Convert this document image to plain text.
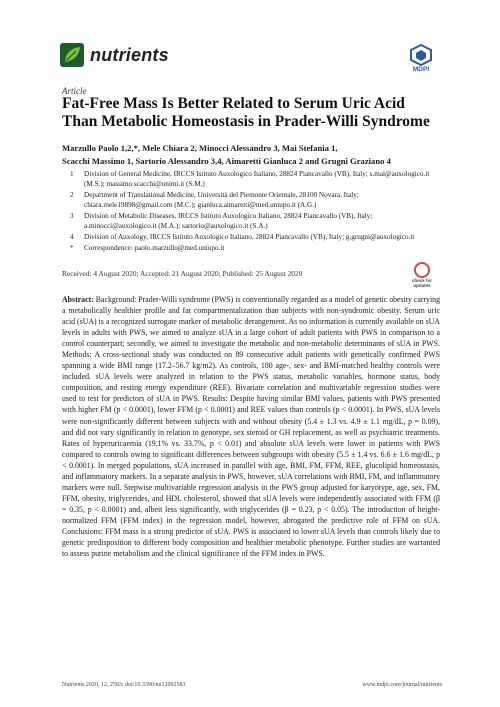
nutrients
MDPI
Article
Fat-Free Mass Is Better Related to Serum Uric Acid Than Metabolic Homeostasis in Prader-Willi Syndrome
Marzullo Paolo 1,2,*, Mele Chiara 2, Minocci Alessandro 3, Mai Stefania 1,
Scacchi Massimo 1, Sartorio Alessandro 3,4, Aimaretti Gianluca 2 and Grugni Graziano 4
1 Division of General Medicine, IRCCS Istituto Auxologico Italiano, 28824 Piancavallo (VB), Italy; s.mai@auxologico.it (M.S.); massimo.scacchi@unimi.it (S.M.)
2 Department of Translational Medicine, Università del Piemonte Orientale, 28100 Novara, Italy; chiara.mele19898@gmail.com (M.C.); gianluca.aimaretti@med.uniupo.it (A.G.)
3 Division of Metabolic Diseases, IRCCS Istituto Auxologico Italiano, 28824 Piancavallo (VB), Italy; a.minocci@auxologico.it (M.A.); sartorio@auxologico.it (S.A.)
4 Division of Auxology, IRCCS Istituto Auxologico Italiano, 28824 Piancavallo (VB), Italy; g.grugni@auxologico.it
* Correspondence: paolo.marzullo@med.uniupo.it
Received: 4 August 2020; Accepted: 21 August 2020; Published: 25 August 2020
check for
updates
Abstract: Background: Prader-Willi syndrome (PWS) is conventionally regarded as a model of genetic obesity carrying a metabolically healthier profile and fat compartmentalization than subjects with non-syndromic obesity. Serum uric acid (sUA) is a recognized surrogate marker of metabolic derangement. As no information is currently available on sUA levels in adults with PWS, we aimed to analyze sUA in a large cohort of adult patients with PWS in comparison to a control counterpart; secondly, we aimed to investigate the metabolic and non-metabolic determinants of sUA in PWS. Methods: A cross-sectional study was conducted on 89 consecutive adult patients with genetically confirmed PWS spanning a wide BMI range (17.2–56.7 kg/m2). As controls, 180 age-, sex- and BMI-matched healthy controls were included. sUA levels were analyzed in relation to the PWS status, metabolic variables, hormone status, body composition, and resting energy expenditure (REE). Bivariate correlation and multivariable regression studies were used to test for predictors of sUA in PWS. Results: Despite having similar BMI values, patients with PWS presented with higher FM (p < 0.0001), lower FFM (p < 0.0001) and REE values than controls (p < 0.0001). In PWS, sUA levels were non-significantly different between subjects with and without obesity (5.4 ± 1.3 vs. 4.9 ± 1.1 mg/dL, p = 0.09), and did not vary significantly in relation to genotype, sex steroid or GH replacement, as well as psychiatric treatments. Rates of hyperuricaemia (19.1% vs. 33.7%, p < 0.01) and absolute sUA levels were lower in patients with PWS compared to controls owing to significant differences between subgroups with obesity (5.5 ± 1.4 vs. 6.6 ± 1.6 mg/dL, p < 0.0001). In merged populations, sUA increased in parallel with age, BMI, FM, FFM, REE, glucolipid homeostasis, and inflammatory markers. In a separate analysis in PWS, however, sUA correlations with BMI, FM, and inflammatory markers were null. Stepwise multivariable regression analysis in the PWS group adjusted for karyotype, age, sex, FM, FFM, obesity, triglycerides, and HDL cholesterol, showed that sUA levels were independently associated with FFM (β = 0.35, p < 0.0001) and, albeit less significantly, with triglycerides (β = 0.23, p < 0.05). The introduction of height-normalized FFM (FFM index) in the regression model, however, abrogated the predictive role of FFM on sUA. Conclusions: FFM mass is a strong predictor of sUA. PWS is associated to lower sUA levels than controls likely due to genetic predisposition to different body composition and healthier metabolic phenotype. Further studies are warranted to assess purine metabolism and the clinical significance of the FFM index in PWS.
Nutrients 2020, 12, 2583; doi:10.3390/nu12092583	www.mdpi.com/journal/nutrients
